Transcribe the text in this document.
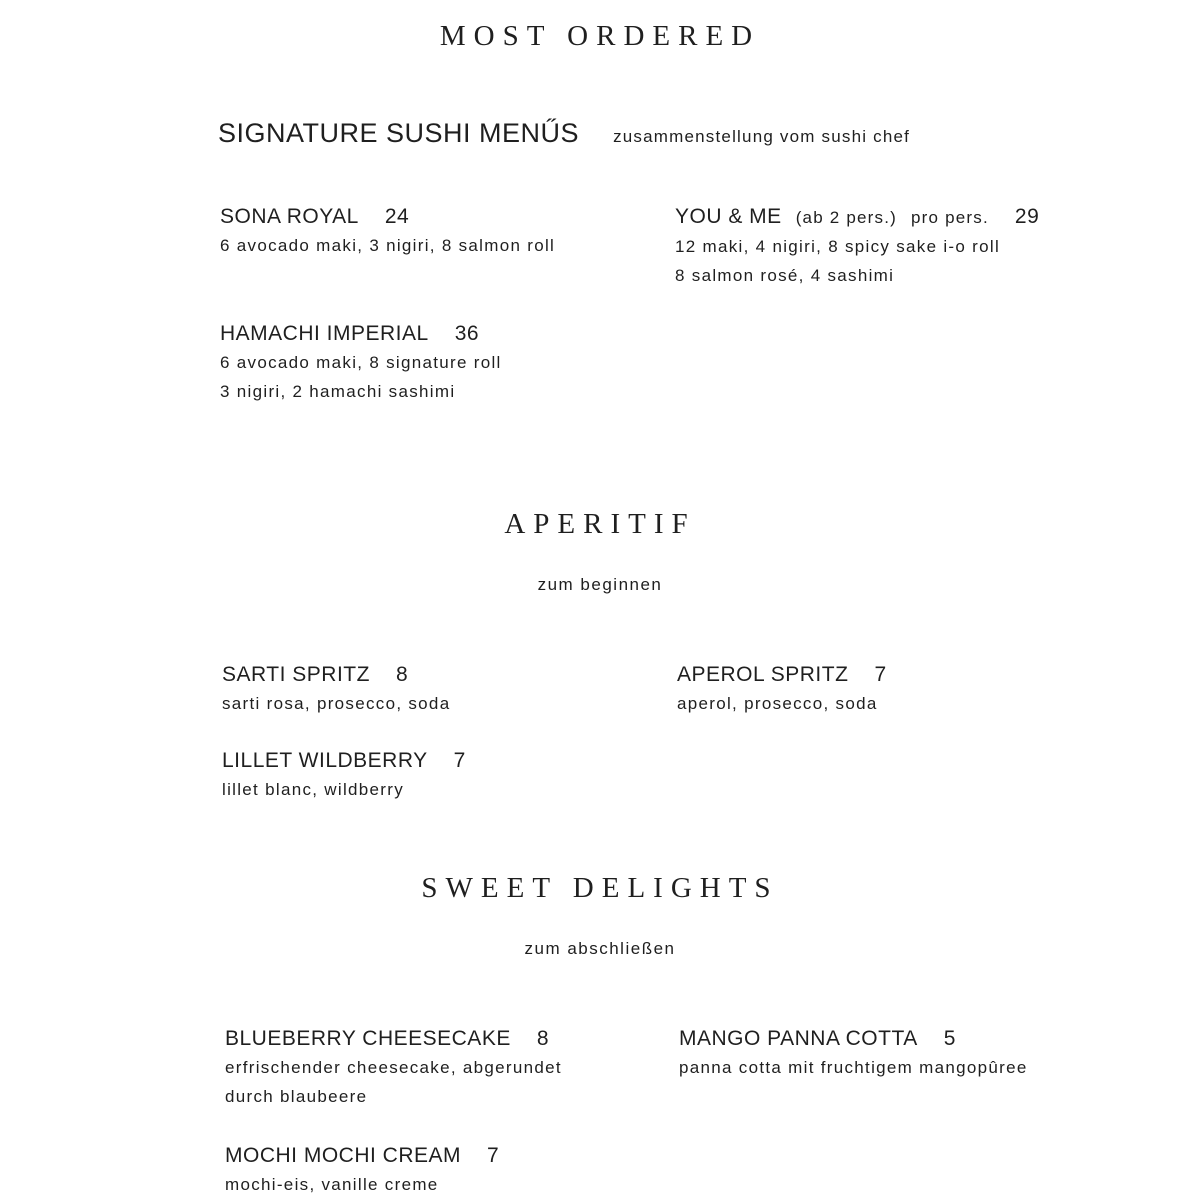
MOST ORDERED
SIGNATURE SUSHI MENŰS zusammenstellung vom sushi chef
SONA ROYAL 24
6 avocado maki, 3 nigiri, 8 salmon roll
YOU & ME (ab 2 pers.) pro pers. 29
12 maki, 4 nigiri, 8 spicy sake i-o roll
8 salmon rosé, 4 sashimi
HAMACHI IMPERIAL 36
6 avocado maki, 8 signature roll
3 nigiri, 2 hamachi sashimi
APERITIF
zum beginnen
SARTI SPRITZ 8
sarti rosa, prosecco, soda
APEROL SPRITZ 7
aperol, prosecco, soda
LILLET WILDBERRY 7
lillet blanc, wildberry
SWEET DELIGHTS
zum abschließen
BLUEBERRY CHEESECAKE 8
erfrischender cheesecake, abgerundet
durch blaubeere
MANGO PANNA COTTA 5
panna cotta mit fruchtigem mangopûree
MOCHI MOCHI CREAM 7
mochi-eis, vanille creme
